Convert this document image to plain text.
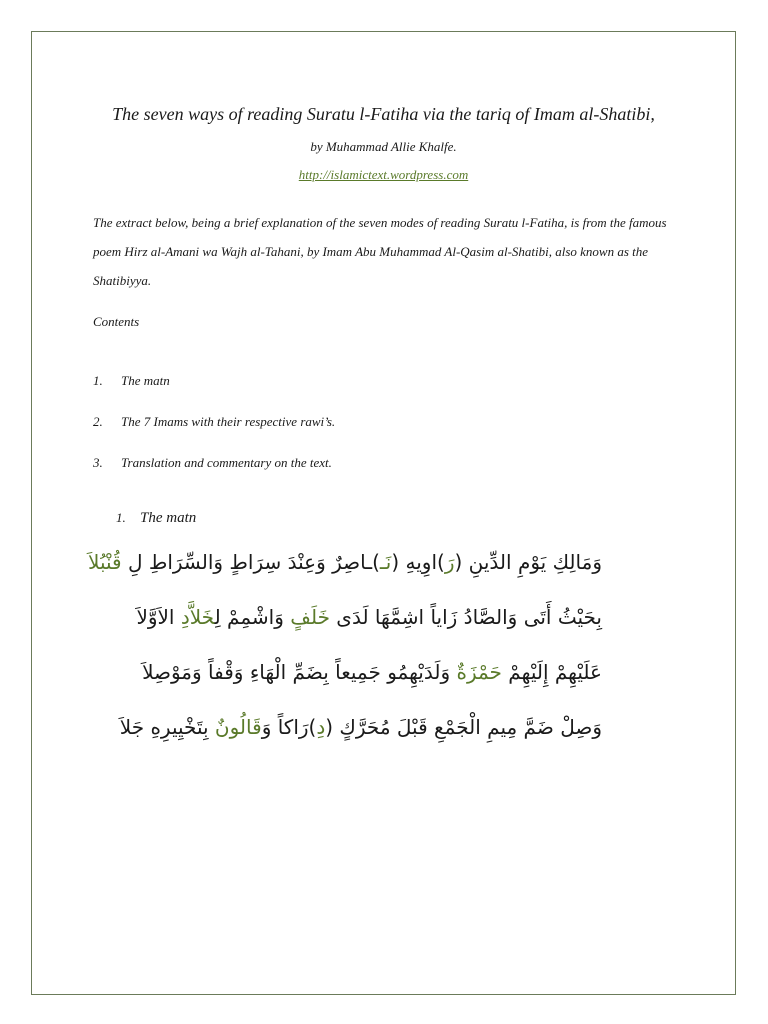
The seven ways of reading Suratu l-Fatiha via the tariq of Imam al-Shatibi,
by Muhammad Allie Khalfe.
http://islamictext.wordpress.com
The extract below, being a brief explanation of the seven modes of reading Suratu l-Fatiha, is from the famous poem Hirz al-Amani wa Wajh al-Tahani, by Imam Abu Muhammad Al-Qasim al-Shatibi, also known as the Shatibiyya.
Contents
1. The matn
2. The 7 Imams with their respective rawi’s.
3. Translation and commentary on the text.
1. The matn
وَمَالِكِ يَوْمِ الدِّينِ (رَ)اوِيهِ (نَـ)ـاصِرٌ وَعِنْدَ سِرَاطٍ وَالسِّرَاطِ لِ قُنْبُلاَ
بِحَيْثُ أَتَى وَالصَّادُ زَاياً اشِمَّهَا لَدَى خَلَفٍ وَاشْمِمْ لِخَلاَّدِ الاَوَّلاَ
عَلَيْهِمْ إِلَيْهِمْ حَمْزَةٌ وَلَدَيْهِمُو جَمِيعاً بِضَمِّ الْهَاءِ وَقْفاً وَمَوْصِلاَ
وَصِلْ ضَمَّ مِيمِ الْجَمْعِ قَبْلَ مُحَرَّكٍ (دِ)رَاكاً وَقَالُونٌ بِتَخْيِيرِهِ جَلاَ
